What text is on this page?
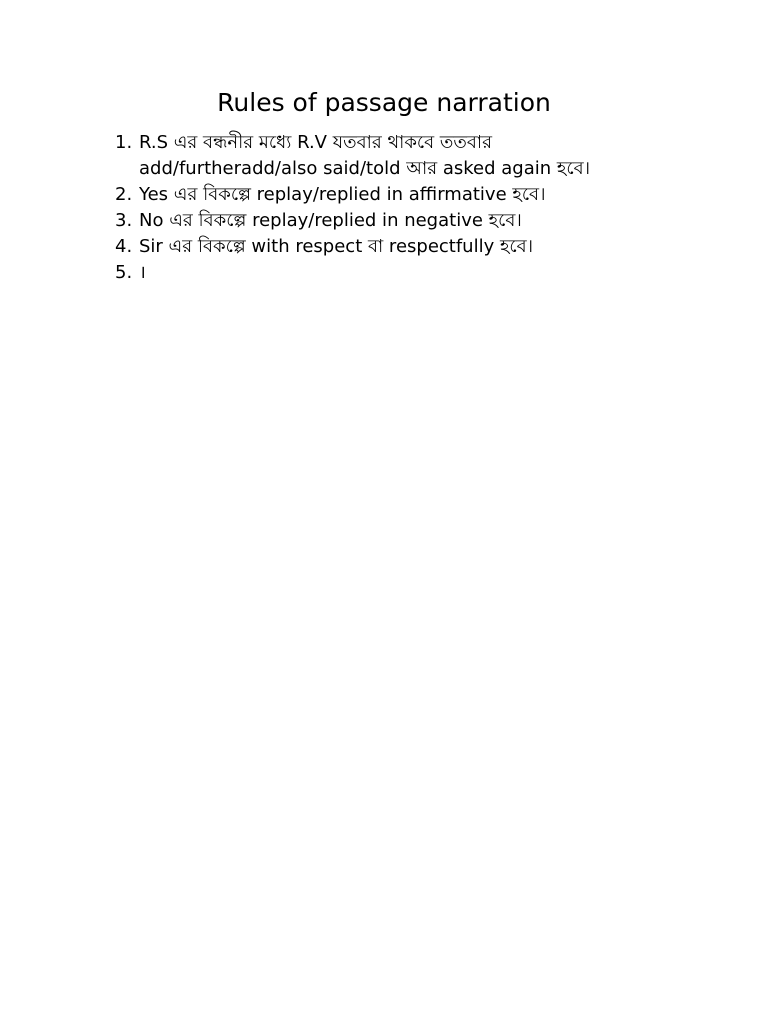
Rules of passage narration
1. R.S এর বন্ধনীর মধ্যে R.V যতবার থাকবে ততবার add/furtheradd/also said/told আর asked again হবে।
2. Yes এর বিকল্পে replay/replied in affirmative হবে।
3. No এর বিকল্পে replay/replied in negative হবে।
4. Sir এর বিকল্পে with respect বা respectfully হবে।
5. ।
